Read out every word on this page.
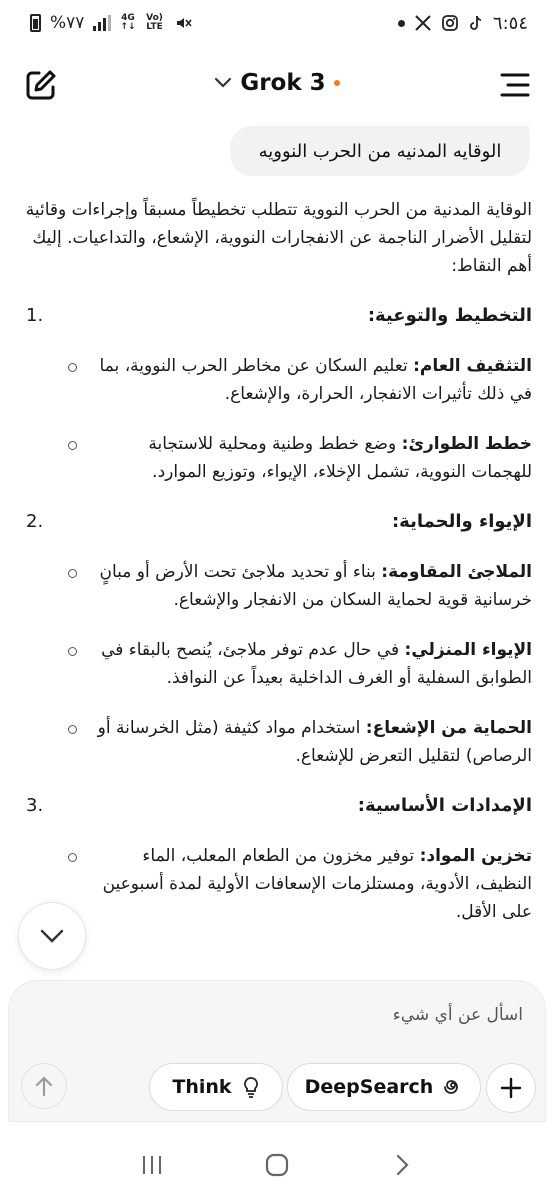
%٧٧	4G
↑↓
Vo) LTE	٦:٥٤
Grok 3
الوقايه المدنيه من الحرب النوويه

الوقاية المدنية من الحرب النووية تتطلب تخطيطاً مسبقاً وإجراءات وقائية لتقليل الأضرار الناجمة عن الانفجارات النووية، الإشعاع، والتداعيات. إليك أهم النقاط:

التخطيط والتوعية:
1.

التثقيف العام: تعليم السكان عن مخاطر الحرب النووية، بما في ذلك تأثيرات الانفجار، الحرارة، والإشعاع.

خطط الطوارئ: وضع خطط وطنية ومحلية للاستجابة للهجمات النووية، تشمل الإخلاء، الإيواء، وتوزيع الموارد.

الإيواء والحماية:
2.

الملاجئ المقاومة: بناء أو تحديد ملاجئ تحت الأرض أو مبانٍ خرسانية قوية لحماية السكان من الانفجار والإشعاع.

الإيواء المنزلي: في حال عدم توفر ملاجئ، يُنصح بالبقاء في الطوابق السفلية أو الغرف الداخلية بعيداً عن النوافذ.

الحماية من الإشعاع: استخدام مواد كثيفة (مثل الخرسانة أو الرصاص) لتقليل التعرض للإشعاع.

الإمدادات الأساسية:
3.

تخزين المواد: توفير مخزون من الطعام المعلب، الماء النظيف، الأدوية، ومستلزمات الإسعافات الأولية لمدة أسبوعين على الأقل.

اسأل عن أي شيء
Think	DeepSearch
